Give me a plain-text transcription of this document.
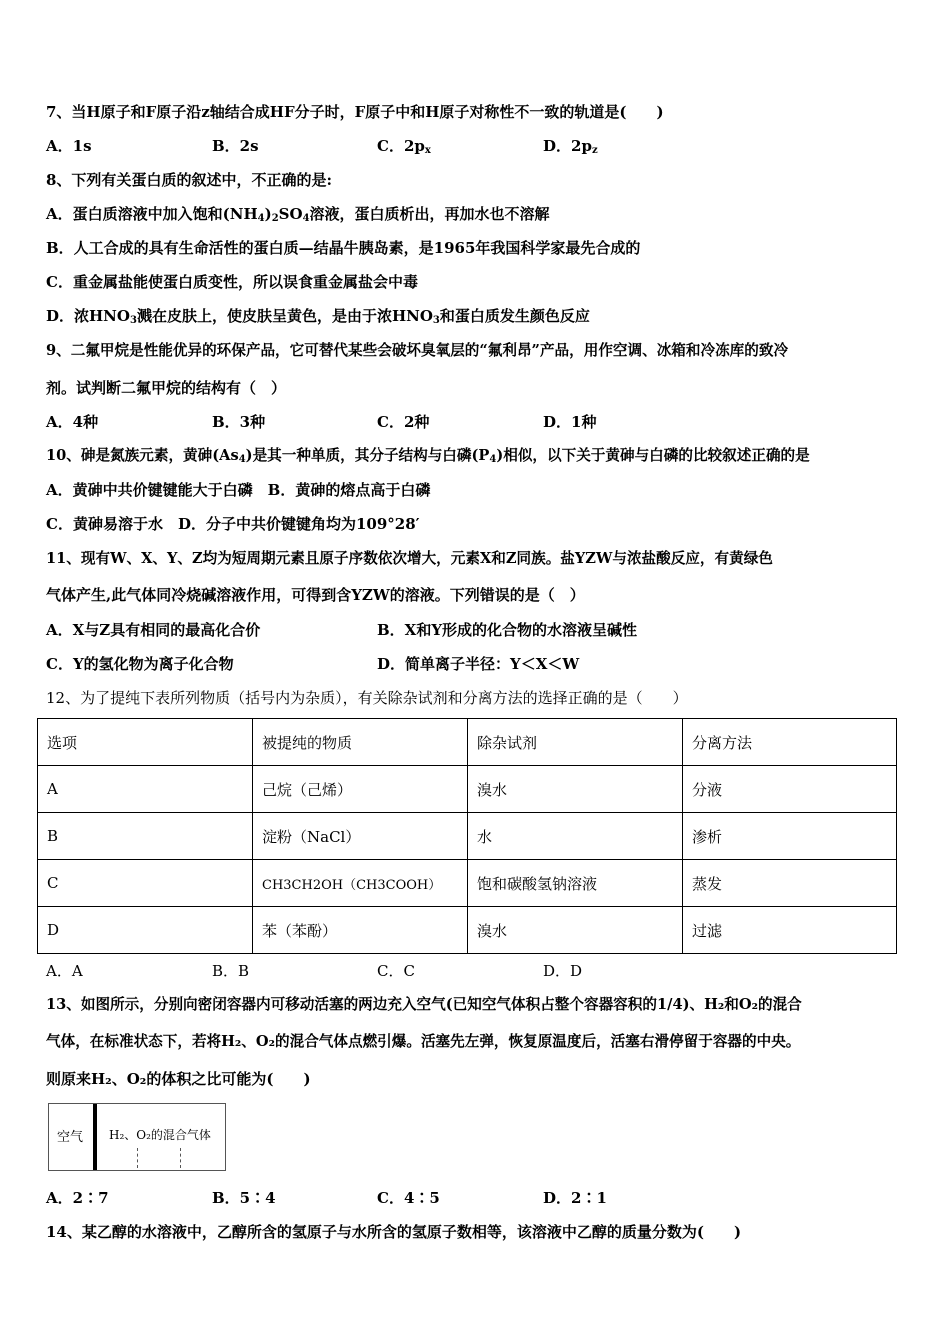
7、当H原子和F原子沿z轴结合成HF分子时，F原子中和H原子对称性不一致的轨道是(　　)
A．1s	B．2s	C．$2p_x$	D．$2p_z$
8、下列有关蛋白质的叙述中，不正确的是:
A．蛋白质溶液中加入饱和$(NH_4)_2SO_4$溶液，蛋白质析出，再加水也不溶解
B．人工合成的具有生命活性的蛋白质—结晶牛胰岛素，是1965年我国科学家最先合成的
C．重金属盐能使蛋白质变性，所以误食重金属盐会中毒
D．浓$HNO_3$溅在皮肤上，使皮肤呈黄色，是由于浓$HNO_3$和蛋白质发生颜色反应
9、二氟甲烷是性能优异的环保产品，它可替代某些会破坏臭氧层的“氟利昂”产品，用作空调、冰箱和冷冻库的致冷
剂。试判断二氟甲烷的结构有（　）
A．4种	B．3种	C．2种	D．1种
10、砷是氮族元素，黄砷$(As_4)$是其一种单质，其分子结构与白磷$(P_4)$相似，以下关于黄砷与白磷的比较叙述正确的是
A．黄砷中共价键键能大于白磷　B．黄砷的熔点高于白磷
C．黄砷易溶于水　D．分子中共价键键角均为109°28′
11、现有W、X、Y、Z均为短周期元素且原子序数依次增大，元素X和Z同族。盐YZW与浓盐酸反应，有黄绿色
气体产生,此气体同冷烧碱溶液作用，可得到含YZW的溶液。下列错误的是（　）
A．X与Z具有相同的最高化合价	B．X和Y形成的化合物的水溶液呈碱性
C．Y的氢化物为离子化合物	D．简单离子半径：Y＜X＜W
12、为了提纯下表所列物质（括号内为杂质），有关除杂试剂和分离方法的选择正确的是（　　）
选项	被提纯的物质	除杂试剂	分离方法
A	己烷（己烯）	溴水	分液
B	淀粉（NaCl）	水	渗析
C	CH3CH2OH（CH3COOH）	饱和碳酸氢钠溶液	蒸发
D	苯（苯酚）	溴水	过滤
A．A	B．B	C．C	D．D
13、如图所示，分别向密闭容器内可移动活塞的两边充入空气(已知空气体积占整个容器容积的1/4)、H₂和O₂的混合
气体，在标准状态下，若将H₂、O₂的混合气体点燃引爆。活塞先左弹，恢复原温度后，活塞右滑停留于容器的中央。
则原来H₂、O₂的体积之比可能为(　　)
空气 H₂、O₂的混合气体
A．2∶7	B．5∶4	C．4∶5	D．2∶1
14、某乙醇的水溶液中，乙醇所含的氢原子与水所含的氢原子数相等，该溶液中乙醇的质量分数为(　　)
